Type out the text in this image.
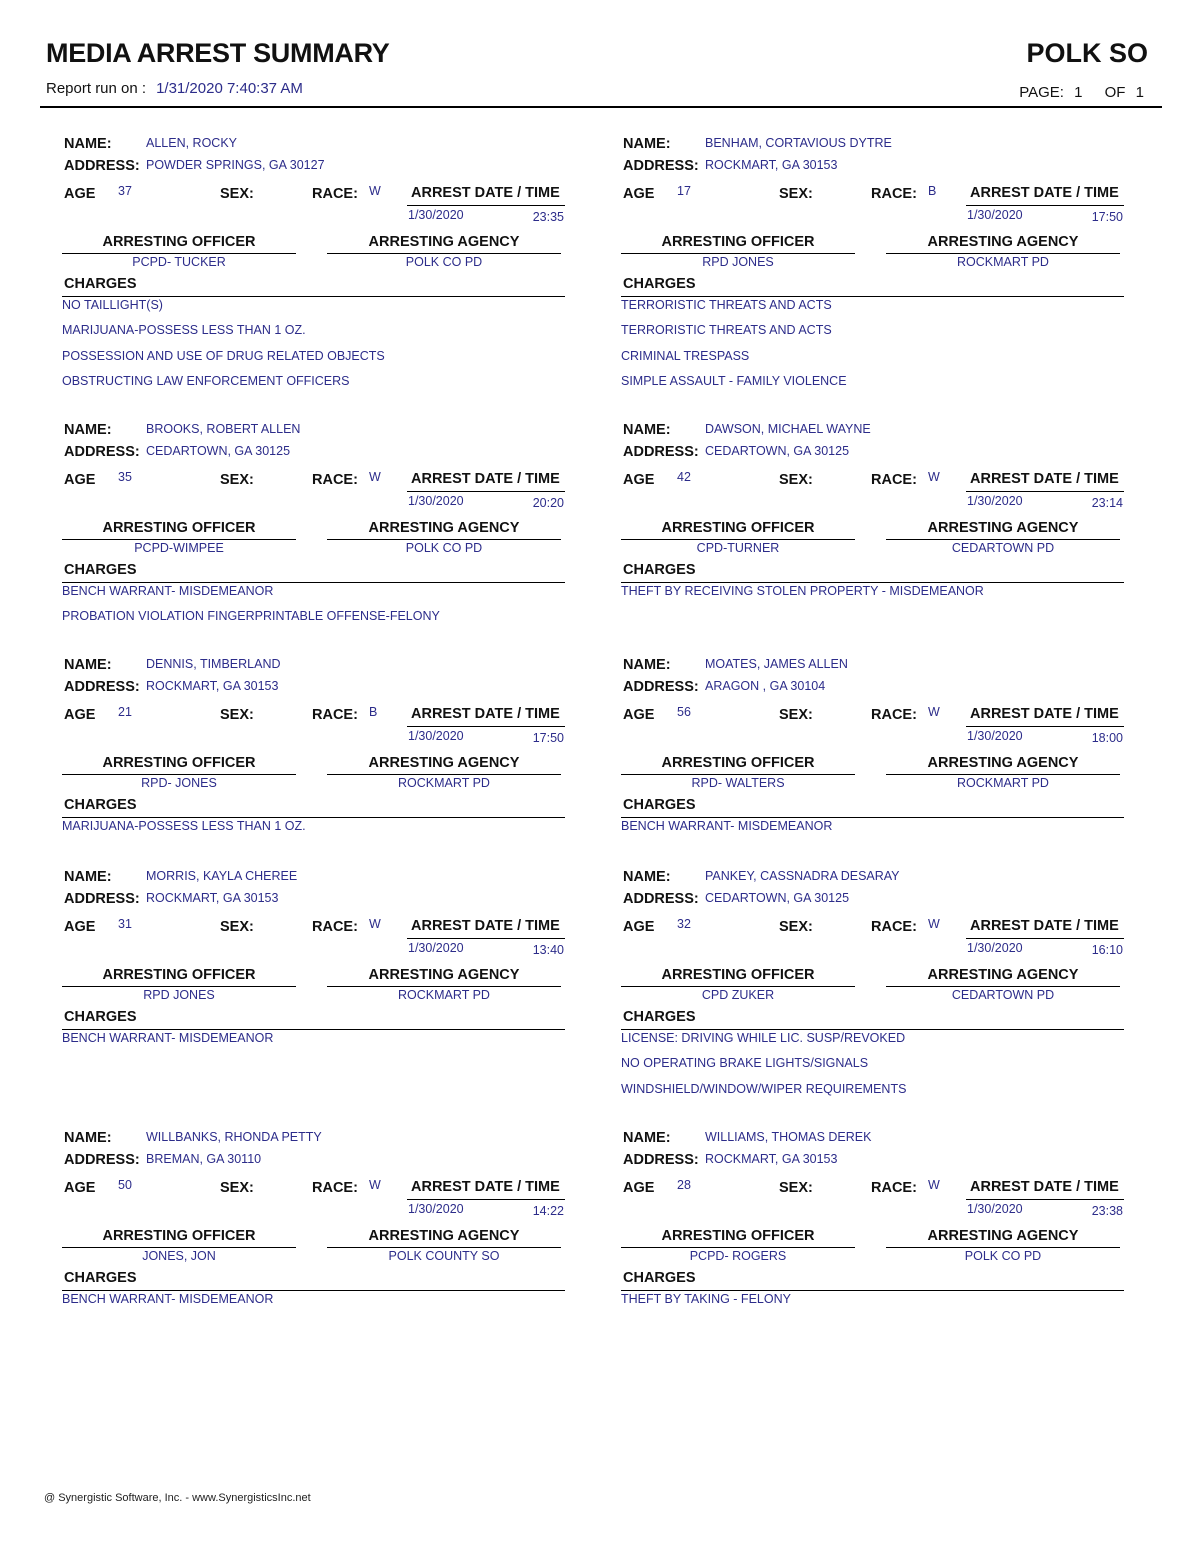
MEDIA ARREST SUMMARY	POLK SO
Report run on : 1/31/2020 7:40:37 AM	PAGE: 1 OF 1
NAME:	ALLEN, ROCKY
ADDRESS: POWDER SPRINGS, GA 30127
AGE 37	SEX:	RACE: W ARREST DATE / TIME
1/30/2020	23:35
ARRESTING OFFICER
PCPD- TUCKER
ARRESTING AGENCY
POLK CO PD
CHARGES
NO TAILLIGHT(S)
MARIJUANA-POSSESS LESS THAN 1 OZ.
POSSESSION AND USE OF DRUG RELATED OBJECTS
OBSTRUCTING LAW ENFORCEMENT OFFICERS
NAME:	BENHAM, CORTAVIOUS DYTRE
ADDRESS: ROCKMART, GA 30153
AGE 17	SEX:	RACE: B ARREST DATE / TIME
1/30/2020	17:50
ARRESTING OFFICER
RPD JONES
ARRESTING AGENCY
ROCKMART PD
CHARGES
TERRORISTIC THREATS AND ACTS
TERRORISTIC THREATS AND ACTS
CRIMINAL TRESPASS
SIMPLE ASSAULT - FAMILY VIOLENCE
NAME:	BROOKS, ROBERT ALLEN
ADDRESS: CEDARTOWN, GA 30125
AGE 35	SEX:	RACE: W ARREST DATE / TIME
1/30/2020	20:20
ARRESTING OFFICER
PCPD-WIMPEE
ARRESTING AGENCY
POLK CO PD
CHARGES
BENCH WARRANT- MISDEMEANOR
PROBATION VIOLATION FINGERPRINTABLE OFFENSE-FELONY
NAME:	DAWSON, MICHAEL WAYNE
ADDRESS: CEDARTOWN, GA 30125
AGE 42	SEX:	RACE: W ARREST DATE / TIME
1/30/2020	23:14
ARRESTING OFFICER
CPD-TURNER
ARRESTING AGENCY
CEDARTOWN PD
CHARGES
THEFT BY RECEIVING STOLEN PROPERTY - MISDEMEANOR
NAME:	DENNIS, TIMBERLAND
ADDRESS: ROCKMART, GA 30153
AGE 21	SEX:	RACE: B ARREST DATE / TIME
1/30/2020	17:50
ARRESTING OFFICER
RPD- JONES
ARRESTING AGENCY
ROCKMART PD
CHARGES
MARIJUANA-POSSESS LESS THAN 1 OZ.
NAME:	MOATES, JAMES ALLEN
ADDRESS: ARAGON , GA 30104
AGE 56	SEX:	RACE: W ARREST DATE / TIME
1/30/2020	18:00
ARRESTING OFFICER
RPD- WALTERS
ARRESTING AGENCY
ROCKMART PD
CHARGES
BENCH WARRANT- MISDEMEANOR
NAME:	MORRIS, KAYLA CHEREE
ADDRESS: ROCKMART, GA 30153
AGE 31	SEX:	RACE: W ARREST DATE / TIME
1/30/2020	13:40
ARRESTING OFFICER
RPD JONES
ARRESTING AGENCY
ROCKMART PD
CHARGES
BENCH WARRANT- MISDEMEANOR
NAME:	PANKEY, CASSNADRA DESARAY
ADDRESS: CEDARTOWN, GA 30125
AGE 32	SEX:	RACE: W ARREST DATE / TIME
1/30/2020	16:10
ARRESTING OFFICER
CPD ZUKER
ARRESTING AGENCY
CEDARTOWN PD
CHARGES
LICENSE: DRIVING WHILE LIC. SUSP/REVOKED
NO OPERATING BRAKE LIGHTS/SIGNALS
WINDSHIELD/WINDOW/WIPER REQUIREMENTS
NAME:	WILLBANKS, RHONDA PETTY
ADDRESS: BREMAN, GA 30110
AGE 50	SEX:	RACE: W ARREST DATE / TIME
1/30/2020	14:22
ARRESTING OFFICER
JONES, JON
ARRESTING AGENCY
POLK COUNTY SO
CHARGES
BENCH WARRANT- MISDEMEANOR
NAME:	WILLIAMS, THOMAS DEREK
ADDRESS: ROCKMART, GA 30153
AGE 28	SEX:	RACE: W ARREST DATE / TIME
1/30/2020	23:38
ARRESTING OFFICER
PCPD- ROGERS
ARRESTING AGENCY
POLK CO PD
CHARGES
THEFT BY TAKING - FELONY
@ Synergistic Software, Inc. - www.SynergisticsInc.net
